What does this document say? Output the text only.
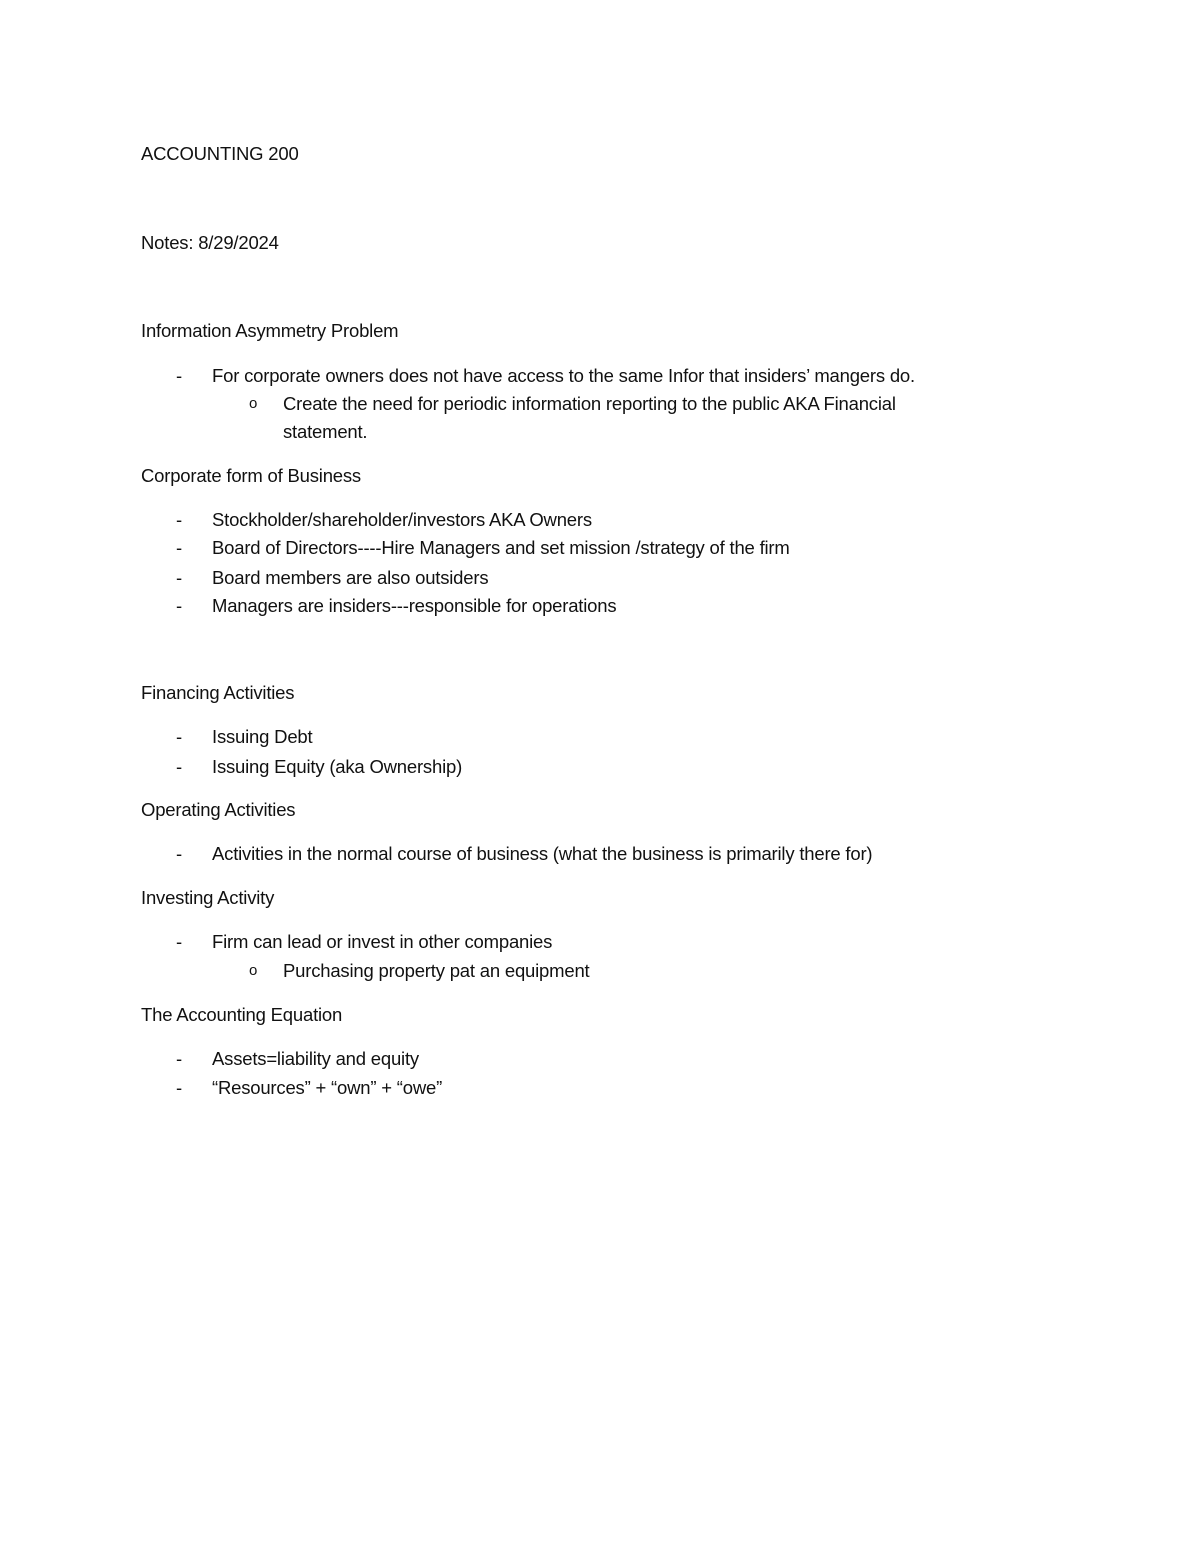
ACCOUNTING 200
Notes: 8/29/2024
Information Asymmetry Problem
- For corporate owners does not have access to the same Infor that insiders’ mangers do.
o Create the need for periodic information reporting to the public AKA Financial
statement.
Corporate form of Business
- Stockholder/shareholder/investors AKA Owners
- Board of Directors----Hire Managers and set mission /strategy of the firm
- Board members are also outsiders
- Managers are insiders---responsible for operations
Financing Activities
- Issuing Debt
- Issuing Equity (aka Ownership)
Operating Activities
- Activities in the normal course of business (what the business is primarily there for)
Investing Activity
- Firm can lead or invest in other companies
o Purchasing property pat an equipment
The Accounting Equation
- Assets=liability and equity
- “Resources” + “own” + “owe”
